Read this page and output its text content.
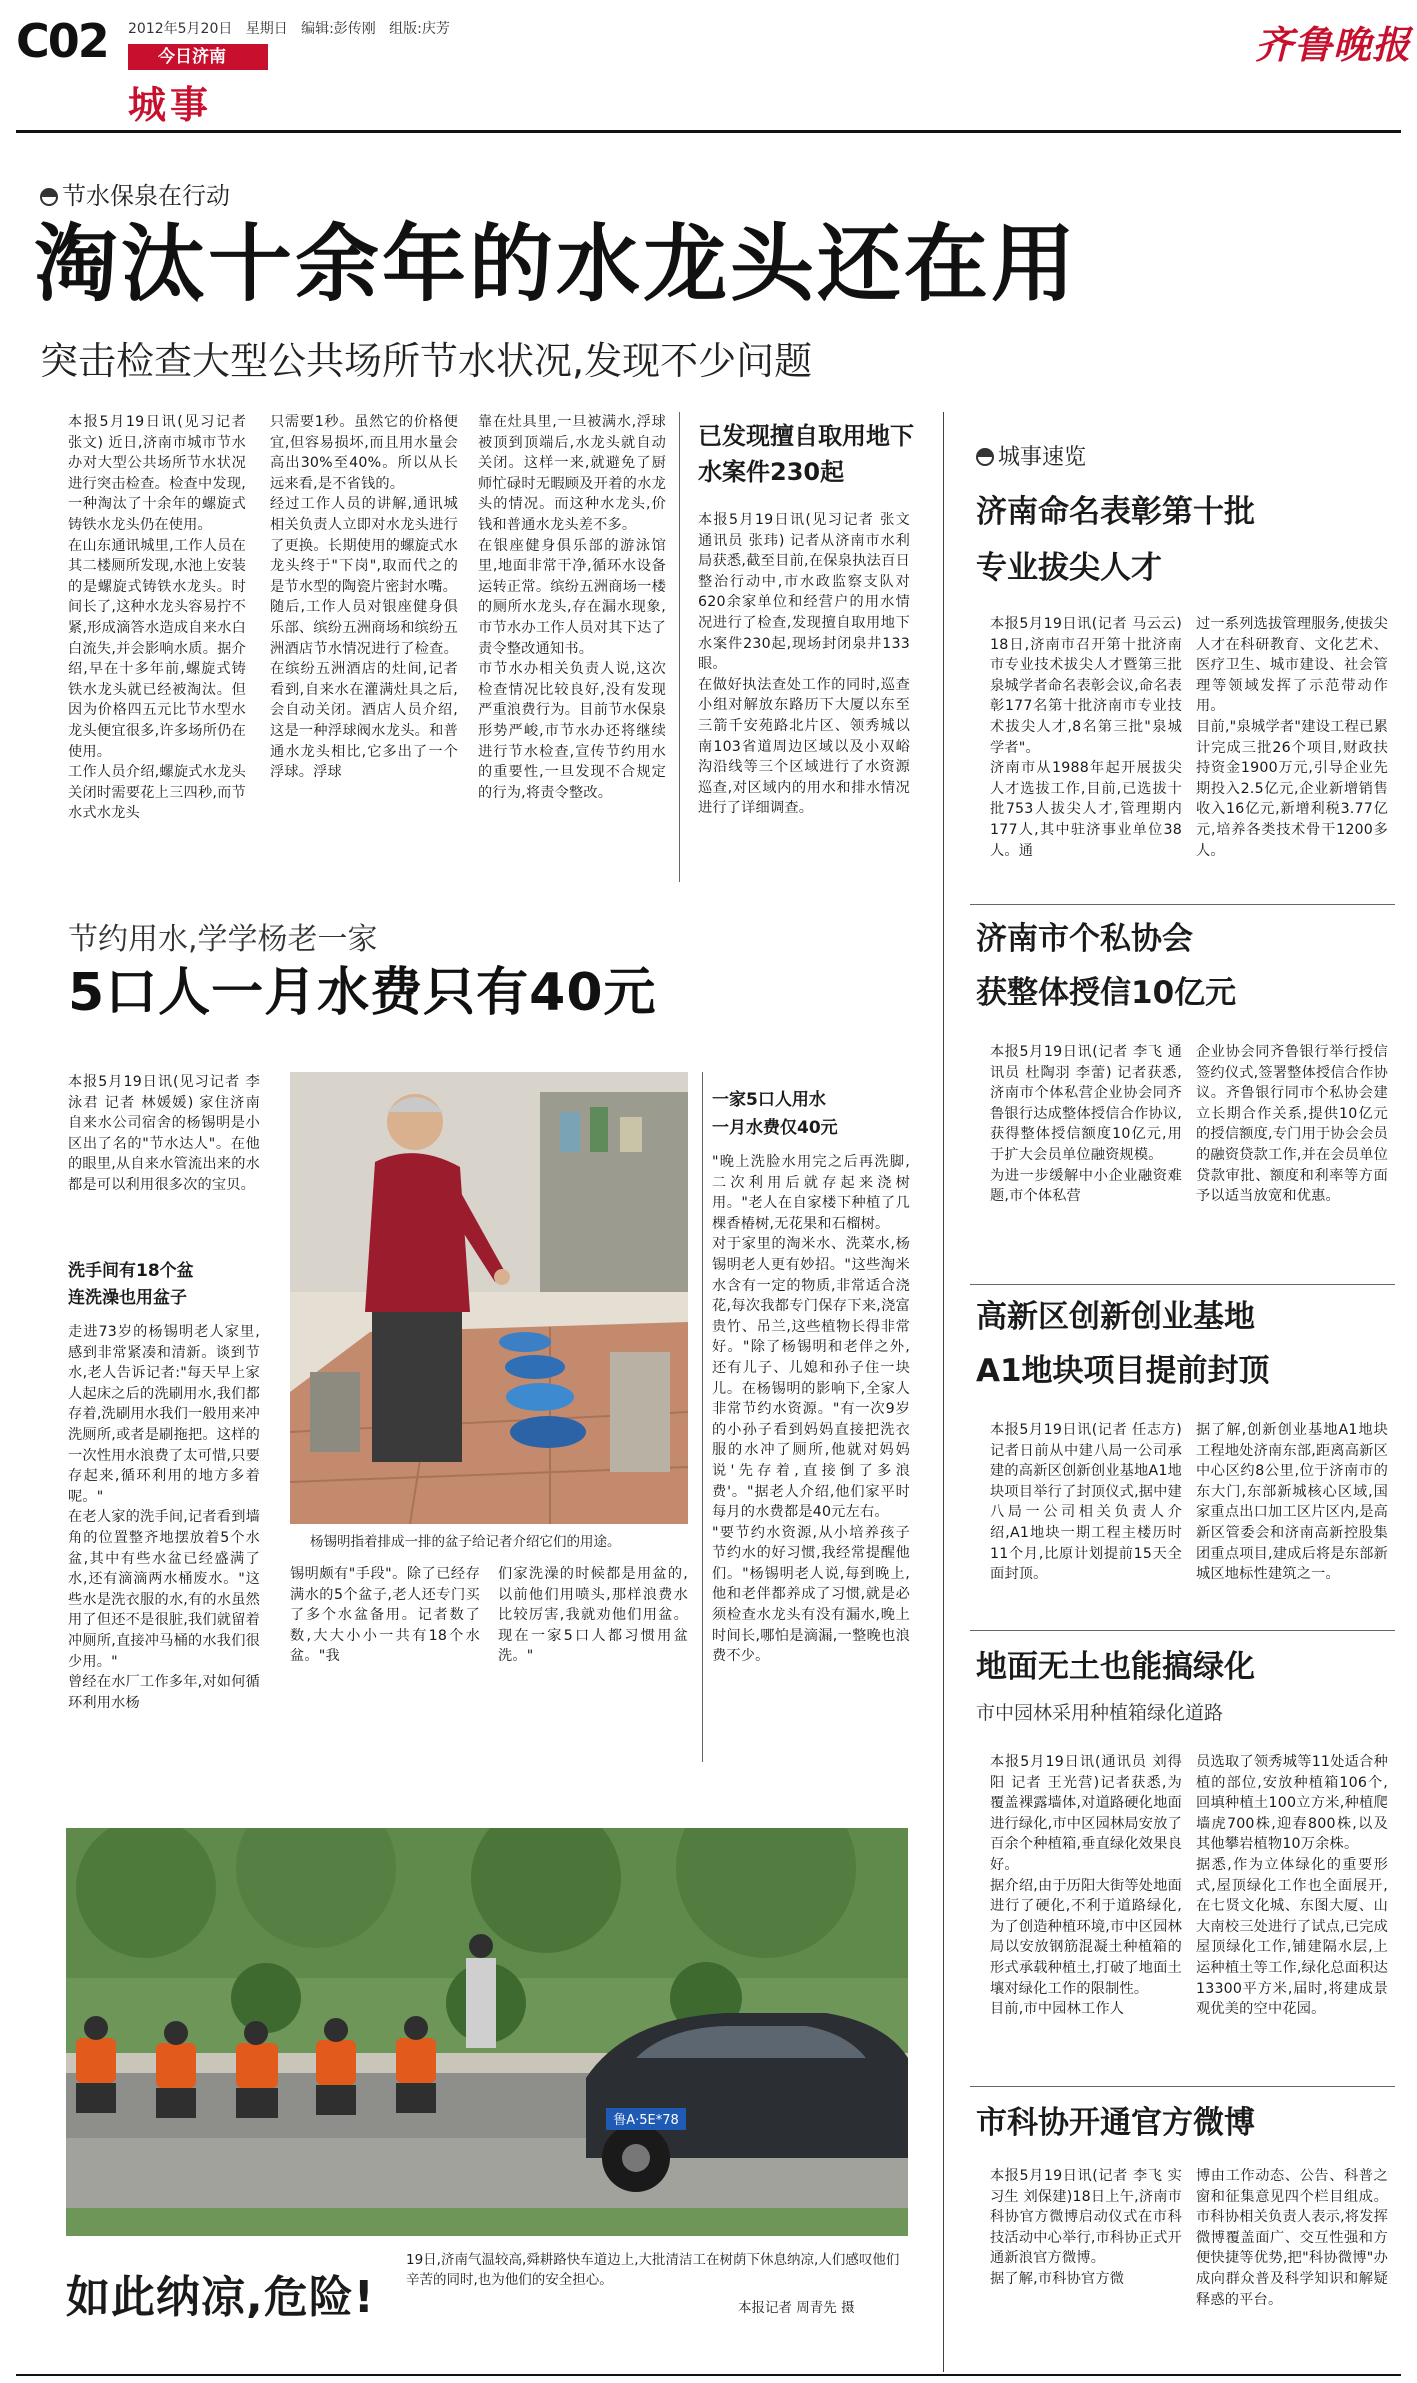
C02 2012年5月20日 星期日 编辑:彭传刚 组版:庆芳
今日济南
城事
齐鲁晚报
节水保泉在行动
淘汰十余年的水龙头还在用
突击检查大型公共场所节水状况,发现不少问题
本报5月19日讯(见习记者 张文) 近日,济南市城市节水办对大型公共场所节水状况进行突击检查。检查中发现,一种淘汰了十余年的螺旋式铸铁水龙头仍在使用。
在山东通讯城里,工作人员在其二楼厕所发现,水池上安装的是螺旋式铸铁水龙头。时间长了,这种水龙头容易拧不紧,形成滴答水造成自来水白白流失,并会影响水质。据介绍,早在十多年前,螺旋式铸铁水龙头就已经被淘汰。但因为价格四五元比节水型水龙头便宜很多,许多场所仍在使用。
工作人员介绍,螺旋式水龙头关闭时需要花上三四秒,而节水式水龙头
只需要1秒。虽然它的价格便宜,但容易损坏,而且用水量会高出30%至40%。所以从长远来看,是不省钱的。
经过工作人员的讲解,通讯城相关负责人立即对水龙头进行了更换。长期使用的螺旋式水龙头终于"下岗",取而代之的是节水型的陶瓷片密封水嘴。
随后,工作人员对银座健身俱乐部、缤纷五洲商场和缤纷五洲酒店节水情况进行了检查。在缤纷五洲酒店的灶间,记者看到,自来水在灌满灶具之后,会自动关闭。酒店人员介绍,这是一种浮球阀水龙头。和普通水龙头相比,它多出了一个浮球。浮球
靠在灶具里,一旦被满水,浮球被顶到顶端后,水龙头就自动关闭。这样一来,就避免了厨师忙碌时无暇顾及开着的水龙头的情况。而这种水龙头,价钱和普通水龙头差不多。
在银座健身俱乐部的游泳馆里,地面非常干净,循环水设备运转正常。缤纷五洲商场一楼的厕所水龙头,存在漏水现象,市节水办工作人员对其下达了责令整改通知书。
市节水办相关负责人说,这次检查情况比较良好,没有发现严重浪费行为。目前节水保泉形势严峻,市节水办还将继续进行节水检查,宣传节约用水的重要性,一旦发现不合规定的行为,将责令整改。
已发现擅自取用地下水案件230起
本报5月19日讯(见习记者 张文 通讯员 张玮) 记者从济南市水利局获悉,截至目前,在保泉执法百日整治行动中,市水政监察支队对620余家单位和经营户的用水情况进行了检查,发现擅自取用地下水案件230起,现场封闭泉井133眼。
在做好执法查处工作的同时,巡查小组对解放东路历下大厦以东至三箭千安苑路北片区、领秀城以南103省道周边区域以及小双峪沟沿线等三个区域进行了水资源巡查,对区域内的用水和排水情况进行了详细调查。
节约用水,学学杨老一家
5口人一月水费只有40元
本报5月19日讯(见习记者 李泳君 记者 林媛媛) 家住济南自来水公司宿舍的杨锡明是小区出了名的"节水达人"。在他的眼里,从自来水管流出来的水都是可以利用很多次的宝贝。
洗手间有18个盆
连洗澡也用盆子
走进73岁的杨锡明老人家里,感到非常紧凑和清新。谈到节水,老人告诉记者:"每天早上家人起床之后的洗刷用水,我们都存着,洗刷用水我们一般用来冲洗厕所,或者是刷拖把。这样的一次性用水浪费了太可惜,只要存起来,循环利用的地方多着呢。"
在老人家的洗手间,记者看到墙角的位置整齐地摆放着5个水盆,其中有些水盆已经盛满了水,还有滴滴两水桶废水。"这些水是洗衣服的水,有的水虽然用了但还不是很脏,我们就留着冲厕所,直接冲马桶的水我们很少用。"
曾经在水厂工作多年,对如何循环利用水杨
杨锡明指着排成一排的盆子给记者介绍它们的用途。
锡明颇有"手段"。除了已经存满水的5个盆子,老人还专门买了多个水盆备用。记者数了数,大大小小一共有18个水盆。"我
们家洗澡的时候都是用盆的,以前他们用喷头,那样浪费水比较厉害,我就劝他们用盆。现在一家5口人都习惯用盆洗。"
一家5口人用水
一月水费仅40元
"晚上洗脸水用完之后再洗脚,二次利用后就存起来浇树用。"老人在自家楼下种植了几棵香椿树,无花果和石榴树。
对于家里的淘米水、洗菜水,杨锡明老人更有妙招。"这些淘米水含有一定的物质,非常适合浇花,每次我都专门保存下来,浇富贵竹、吊兰,这些植物长得非常好。"除了杨锡明和老伴之外,还有儿子、儿媳和孙子住一块儿。在杨锡明的影响下,全家人非常节约水资源。"有一次9岁的小孙子看到妈妈直接把洗衣服的水冲了厕所,他就对妈妈说'先存着,直接倒了多浪费'。"据老人介绍,他们家平时每月的水费都是40元左右。
"要节约水资源,从小培养孩子节约水的好习惯,我经常提醒他们。"杨锡明老人说,每到晚上,他和老伴都养成了习惯,就是必须检查水龙头有没有漏水,晚上时间长,哪怕是滴漏,一整晚也浪费不少。
鲁A·5E*78
如此纳凉,危险!
19日,济南气温较高,舜耕路快车道边上,大批清洁工在树荫下休息纳凉,人们感叹他们辛苦的同时,也为他们的安全担心。
本报记者 周青先 摄
城事速览
济南命名表彰第十批
专业拔尖人才
本报5月19日讯(记者 马云云) 18日,济南市召开第十批济南市专业技术拔尖人才暨第三批泉城学者命名表彰会议,命名表彰177名第十批济南市专业技术拔尖人才,8名第三批"泉城学者"。
济南市从1988年起开展拔尖人才选拔工作,目前,已选拔十批753人拔尖人才,管理期内177人,其中驻济事业单位38人。通
过一系列选拔管理服务,使拔尖人才在科研教育、文化艺术、医疗卫生、城市建设、社会管理等领域发挥了示范带动作用。
目前,"泉城学者"建设工程已累计完成三批26个项目,财政扶持资金1900万元,引导企业先期投入2.5亿元,企业新增销售收入16亿元,新增利税3.77亿元,培养各类技术骨干1200多人。
济南市个私协会
获整体授信10亿元
本报5月19日讯(记者 李飞 通讯员 杜陶羽 李蕾) 记者获悉,济南市个体私营企业协会同齐鲁银行达成整体授信合作协议,获得整体授信额度10亿元,用于扩大会员单位融资规模。
为进一步缓解中小企业融资难题,市个体私营
企业协会同齐鲁银行举行授信签约仪式,签署整体授信合作协议。齐鲁银行同市个私协会建立长期合作关系,提供10亿元的授信额度,专门用于协会会员的融资贷款工作,并在会员单位贷款审批、额度和利率等方面予以适当放宽和优惠。
高新区创新创业基地
A1地块项目提前封顶
本报5月19日讯(记者 任志方) 记者日前从中建八局一公司承建的高新区创新创业基地A1地块项目举行了封顶仪式,据中建八局一公司相关负责人介绍,A1地块一期工程主楼历时11个月,比原计划提前15天全面封顶。
据了解,创新创业基地A1地块工程地处济南东部,距离高新区中心区约8公里,位于济南市的东大门,东部新城核心区域,国家重点出口加工区片区内,是高新区管委会和济南高新控股集团重点项目,建成后将是东部新城区地标性建筑之一。
地面无土也能搞绿化
市中园林采用种植箱绿化道路
本报5月19日讯(通讯员 刘得阳 记者 王光营)记者获悉,为覆盖裸露墙体,对道路硬化地面进行绿化,市中区园林局安放了百余个种植箱,垂直绿化效果良好。
据介绍,由于历阳大街等处地面进行了硬化,不利于道路绿化,为了创造种植环境,市中区园林局以安放钢筋混凝土种植箱的形式承载种植土,打破了地面土壤对绿化工作的限制性。
目前,市中园林工作人
员选取了领秀城等11处适合种植的部位,安放种植箱106个,回填种植土100立方米,种植爬墙虎700株,迎春800株,以及其他攀岩植物10万余株。
据悉,作为立体绿化的重要形式,屋顶绿化工作也全面展开,在七贤文化城、东图大厦、山大南校三处进行了试点,已完成屋顶绿化工作,铺建隔水层,上运种植土等工作,绿化总面积达13300平方米,届时,将建成景观优美的空中花园。
市科协开通官方微博
本报5月19日讯(记者 李飞 实习生 刘保建)18日上午,济南市科协官方微博启动仪式在市科技活动中心举行,市科协正式开通新浪官方微博。
据了解,市科协官方微
博由工作动态、公告、科普之窗和征集意见四个栏目组成。市科协相关负责人表示,将发挥微博覆盖面广、交互性强和方便快捷等优势,把"科协微博"办成向群众普及科学知识和解疑释惑的平台。
